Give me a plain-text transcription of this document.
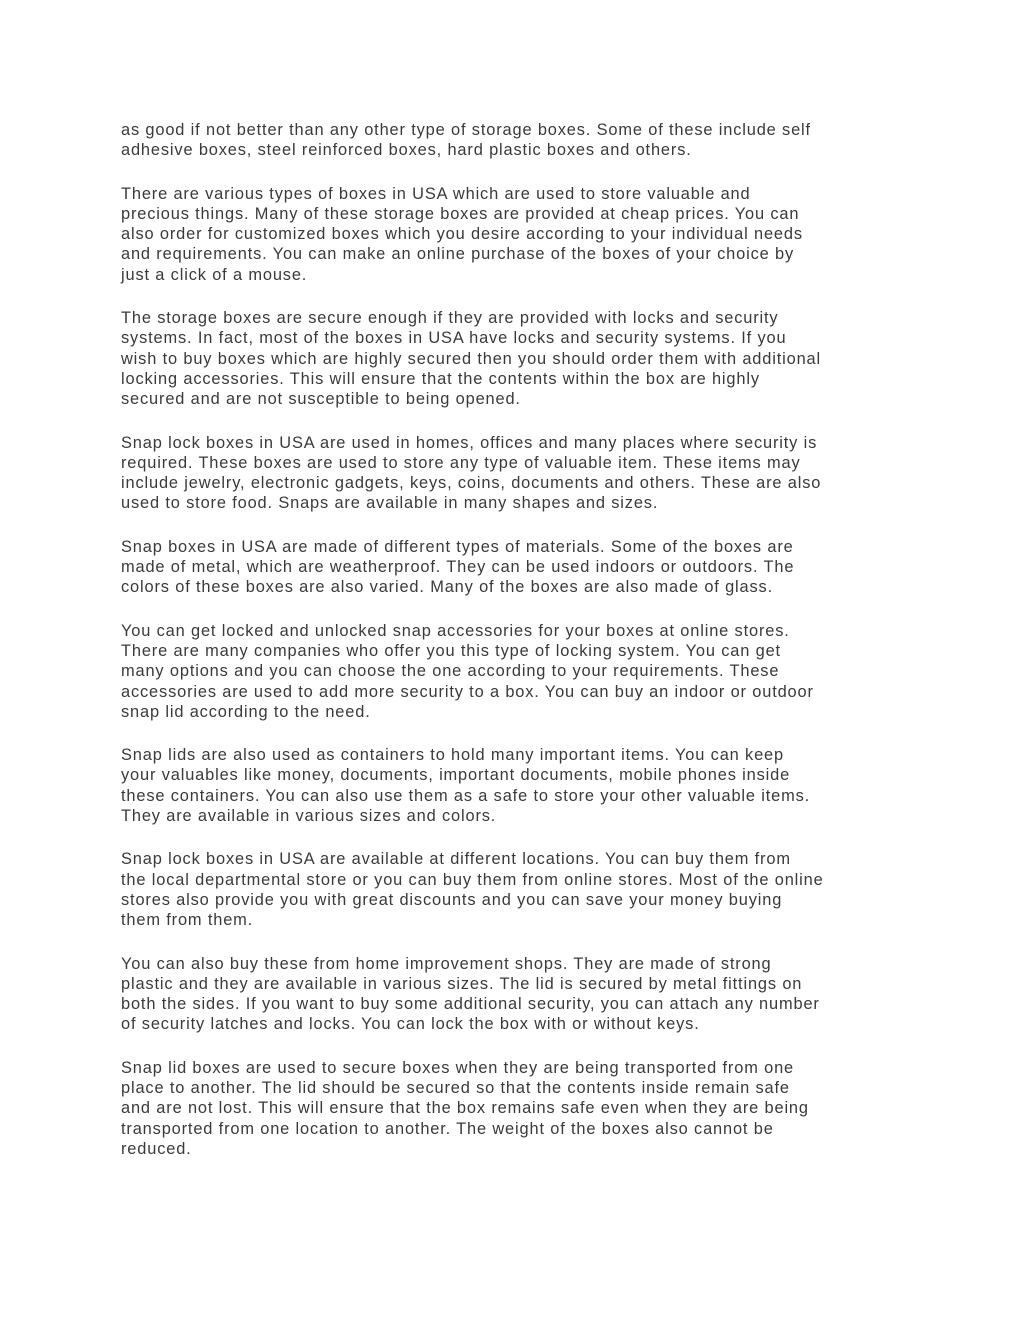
as good if not better than any other type of storage boxes. Some of these include self
adhesive boxes, steel reinforced boxes, hard plastic boxes and others.

There are various types of boxes in USA which are used to store valuable and
precious things. Many of these storage boxes are provided at cheap prices. You can
also order for customized boxes which you desire according to your individual needs
and requirements. You can make an online purchase of the boxes of your choice by
just a click of a mouse.

The storage boxes are secure enough if they are provided with locks and security
systems. In fact, most of the boxes in USA have locks and security systems. If you
wish to buy boxes which are highly secured then you should order them with additional
locking accessories. This will ensure that the contents within the box are highly
secured and are not susceptible to being opened.

Snap lock boxes in USA are used in homes, offices and many places where security is
required. These boxes are used to store any type of valuable item. These items may
include jewelry, electronic gadgets, keys, coins, documents and others. These are also
used to store food. Snaps are available in many shapes and sizes.

Snap boxes in USA are made of different types of materials. Some of the boxes are
made of metal, which are weatherproof. They can be used indoors or outdoors. The
colors of these boxes are also varied. Many of the boxes are also made of glass.

You can get locked and unlocked snap accessories for your boxes at online stores.
There are many companies who offer you this type of locking system. You can get
many options and you can choose the one according to your requirements. These
accessories are used to add more security to a box. You can buy an indoor or outdoor
snap lid according to the need.

Snap lids are also used as containers to hold many important items. You can keep
your valuables like money, documents, important documents, mobile phones inside
these containers. You can also use them as a safe to store your other valuable items.
They are available in various sizes and colors.

Snap lock boxes in USA are available at different locations. You can buy them from
the local departmental store or you can buy them from online stores. Most of the online
stores also provide you with great discounts and you can save your money buying
them from them.

You can also buy these from home improvement shops. They are made of strong
plastic and they are available in various sizes. The lid is secured by metal fittings on
both the sides. If you want to buy some additional security, you can attach any number
of security latches and locks. You can lock the box with or without keys.

Snap lid boxes are used to secure boxes when they are being transported from one
place to another. The lid should be secured so that the contents inside remain safe
and are not lost. This will ensure that the box remains safe even when they are being
transported from one location to another. The weight of the boxes also cannot be
reduced.
